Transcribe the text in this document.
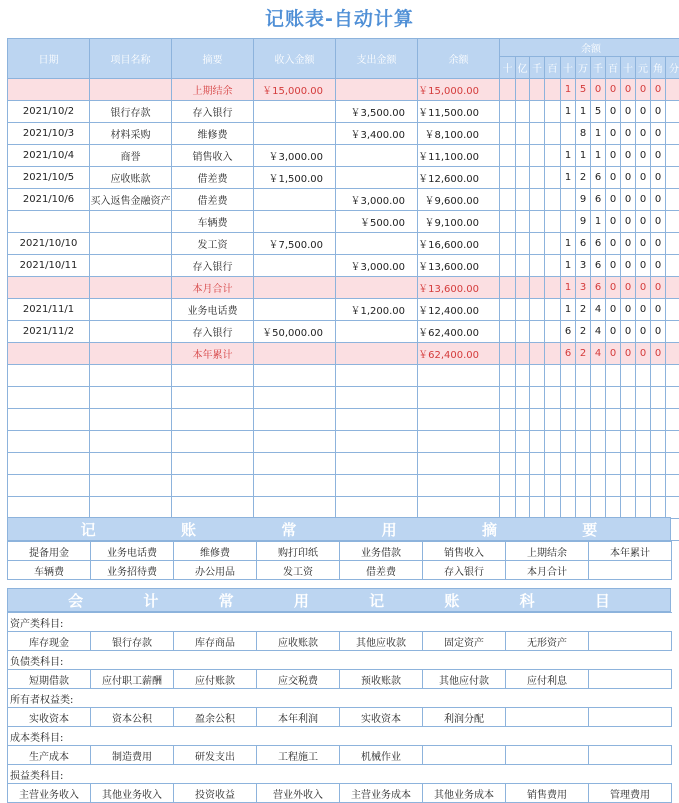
记账表-自动计算
日期	项目名称	摘要	收入金额	支出金额	余额	余额											
						十	亿	千	百	十	万	千	百	十	元	角	分
		上期结余	￥15,000.00		￥15,000.00					1	5	0	0	0	0	0	
2021/10/2	银行存款	存入银行		￥3,500.00	￥11,500.00					1	1	5	0	0	0	0	
2021/10/3	材料采购	维修费		￥3,400.00	￥8,100.00						8	1	0	0	0	0	
2021/10/4	商誉	销售收入	￥3,000.00		￥11,100.00					1	1	1	0	0	0	0	
2021/10/5	应收账款	借差费	￥1,500.00		￥12,600.00					1	2	6	0	0	0	0	
2021/10/6	买入返售金融资产	借差费		￥3,000.00	￥9,600.00						9	6	0	0	0	0	
		车辆费		￥500.00	￥9,100.00						9	1	0	0	0	0	
2021/10/10		发工资	￥7,500.00		￥16,600.00					1	6	6	0	0	0	0	
2021/10/11		存入银行		￥3,000.00	￥13,600.00					1	3	6	0	0	0	0	
		本月合计			￥13,600.00					1	3	6	0	0	0	0	
2021/11/1		业务电话费		￥1,200.00	￥12,400.00					1	2	4	0	0	0	0	
2021/11/2		存入银行	￥50,000.00		￥62,400.00					6	2	4	0	0	0	0	
		本年累计			￥62,400.00					6	2	4	0	0	0	0	

记	账	常	用	摘	要
提备用金	业务电话费	维修费	购打印纸	业务借款	销售收入	上期结余	本年累计
车辆费	业务招待费	办公用品	发工资	借差费	存入银行	本月合计	
会	计	常	用	记	账	科	目
资产类科目:							
库存现金	银行存款	库存商品	应收账款	其他应收款	固定资产	无形资产	
负债类科目:							
短期借款	应付职工薪酬	应付账款	应交税费	预收账款	其他应付款	应付利息	
所有者权益类:							
实收资本	资本公积	盈余公积	本年利润	实收资本	利润分配		
成本类科目:							
生产成本	制造费用	研发支出	工程施工	机械作业			
损益类科目:							
主营业务收入	其他业务收入	投资收益	营业外收入	主营业务成本	其他业务成本	销售费用	管理费用
